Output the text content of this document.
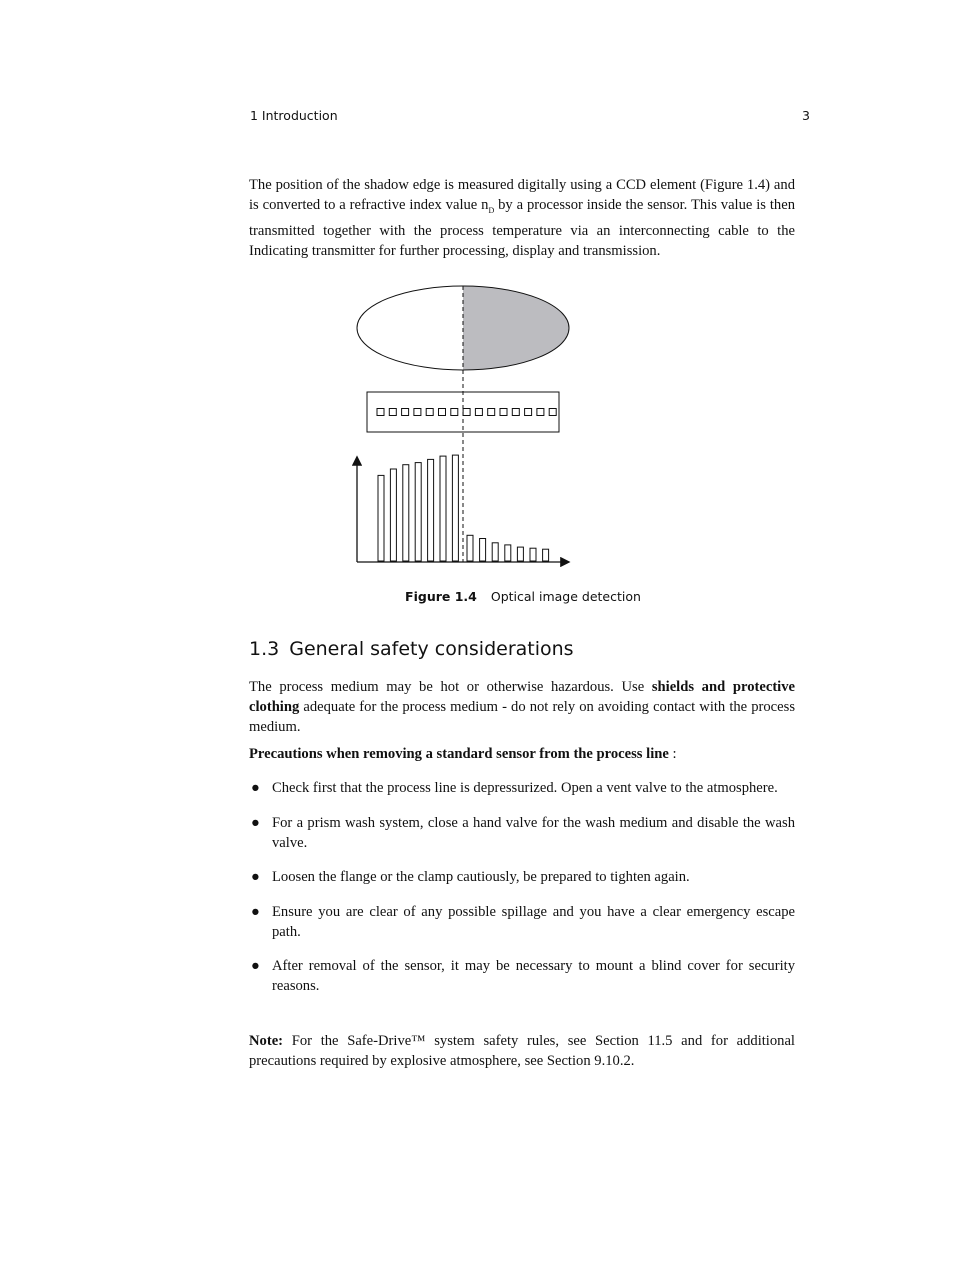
1 Introduction	3

The position of the shadow edge is measured digitally using a CCD element (Figure 1.4) and is converted to a refractive index value $n_D$ by a processor inside the sensor. This value is then transmitted together with the process temperature via an interconnecting cable to the Indicating transmitter for further processing, display and transmission.

Figure 1.4 Optical image detection
1.3 General safety considerations

The process medium may be hot or otherwise hazardous. Use shields and protective clothing adequate for the process medium - do not rely on avoiding contact with the process medium.

Precautions when removing a standard sensor from the process line :
● Check first that the process line is depressurized. Open a vent valve to the atmosphere.
● For a prism wash system, close a hand valve for the wash medium and disable the wash valve.
● Loosen the flange or the clamp cautiously, be prepared to tighten again.
● Ensure you are clear of any possible spillage and you have a clear emergency escape path.
● After removal of the sensor, it may be necessary to mount a blind cover for security reasons.

Note: For the Safe-Drive™ system safety rules, see Section 11.5 and for additional precautions required by explosive atmosphere, see Section 9.10.2.
